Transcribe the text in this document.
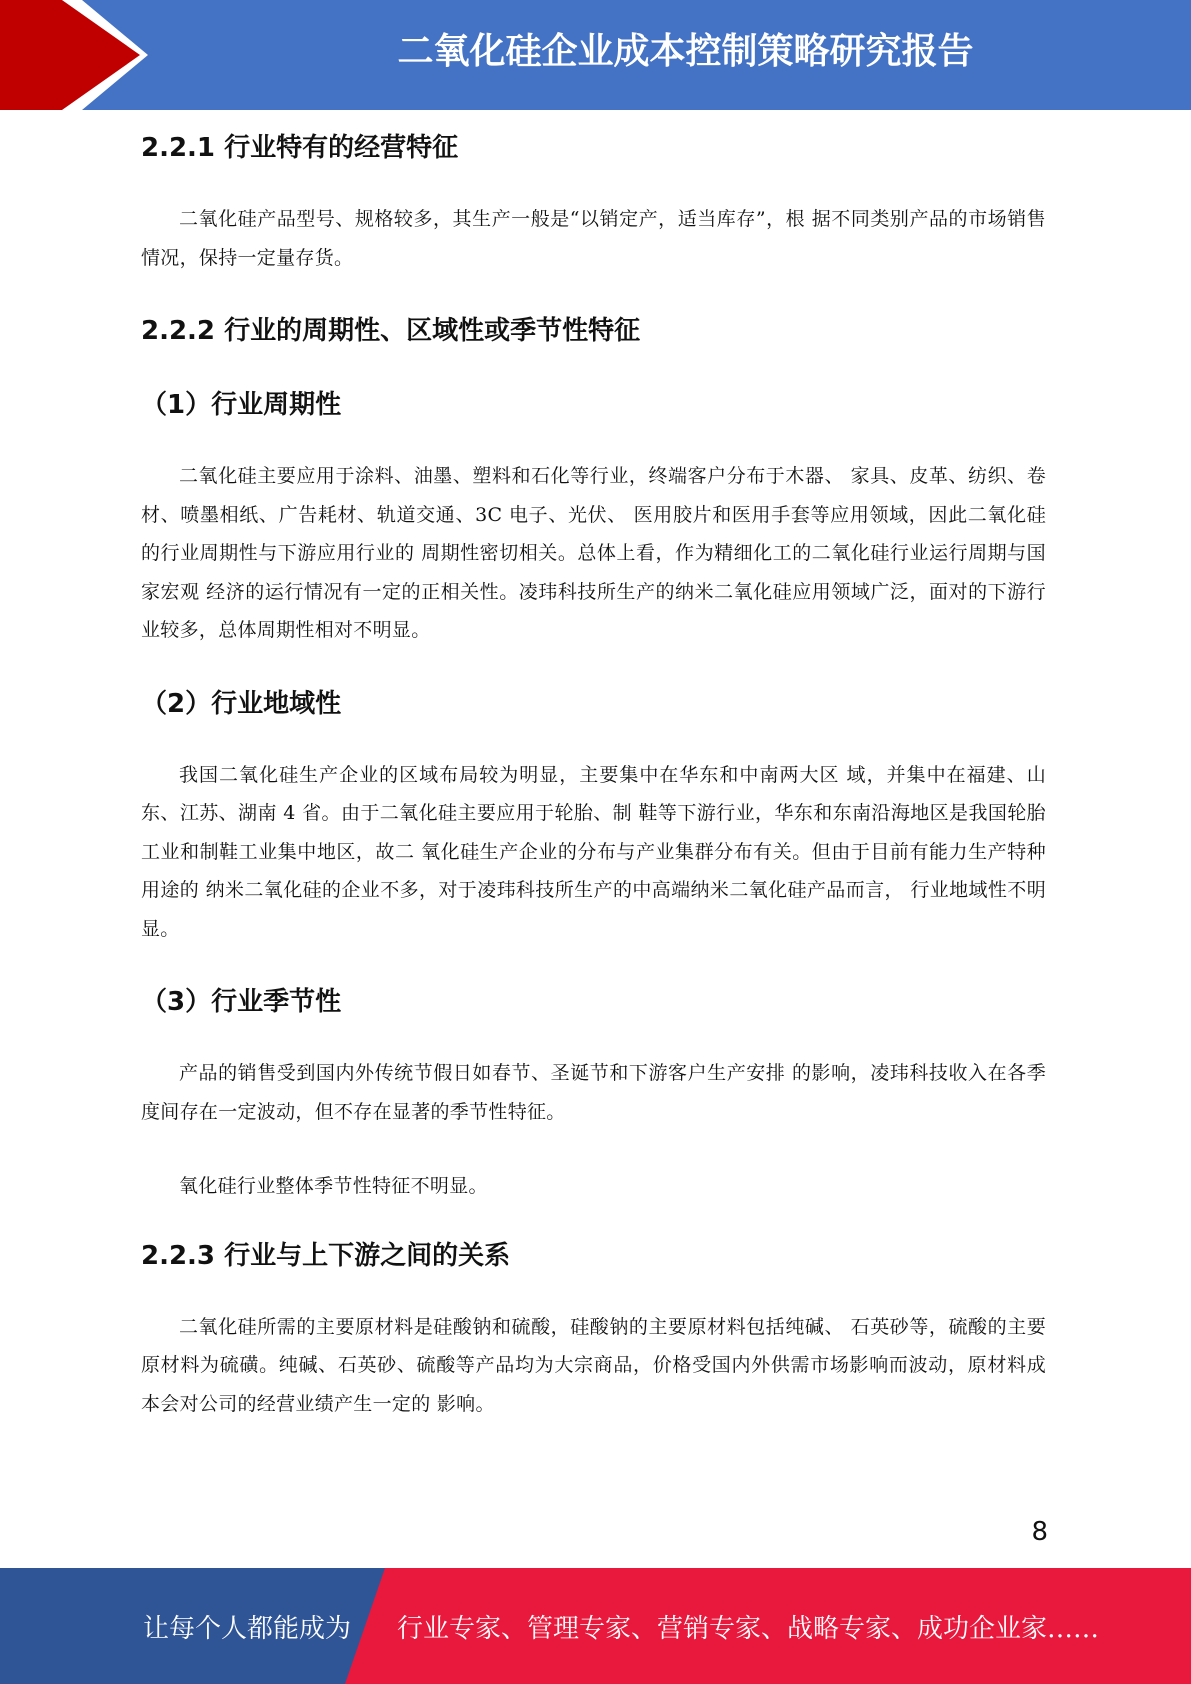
二氧化硅企业成本控制策略研究报告
2.2.1 行业特有的经营特征

二氧化硅产品型号、规格较多，其生产一般是“以销定产，适当库存”，根 据不同类别产品的市场销售情况，保持一定量存货。

2.2.2 行业的周期性、区域性或季节性特征
（1）行业周期性

二氧化硅主要应用于涂料、油墨、塑料和石化等行业，终端客户分布于木器、 家具、皮革、纺织、卷材、喷墨相纸、广告耗材、轨道交通、3C 电子、光伏、 医用胶片和医用手套等应用领域，因此二氧化硅的行业周期性与下游应用行业的 周期性密切相关。总体上看，作为精细化工的二氧化硅行业运行周期与国家宏观 经济的运行情况有一定的正相关性。凌玮科技所生产的纳米二氧化硅应用领域广泛，面对的下游行业较多，总体周期性相对不明显。

（2）行业地域性

我国二氧化硅生产企业的区域布局较为明显，主要集中在华东和中南两大区 域，并集中在福建、山东、江苏、湖南 4 省。由于二氧化硅主要应用于轮胎、制 鞋等下游行业，华东和东南沿海地区是我国轮胎工业和制鞋工业集中地区，故二 氧化硅生产企业的分布与产业集群分布有关。但由于目前有能力生产特种用途的 纳米二氧化硅的企业不多，对于凌玮科技所生产的中高端纳米二氧化硅产品而言， 行业地域性不明显。

（3）行业季节性

产品的销售受到国内外传统节假日如春节、圣诞节和下游客户生产安排 的影响，凌玮科技收入在各季度间存在一定波动，但不存在显著的季节性特征。

氧化硅行业整体季节性特征不明显。

2.2.3 行业与上下游之间的关系

二氧化硅所需的主要原材料是硅酸钠和硫酸，硅酸钠的主要原材料包括纯碱、 石英砂等，硫酸的主要原材料为硫磺。纯碱、石英砂、硫酸等产品均为大宗商品，价格受国内外供需市场影响而波动，原材料成本会对公司的经营业绩产生一定的 影响。

8
让每个人都能成为 行业专家、管理专家、营销专家、战略专家、成功企业家……
